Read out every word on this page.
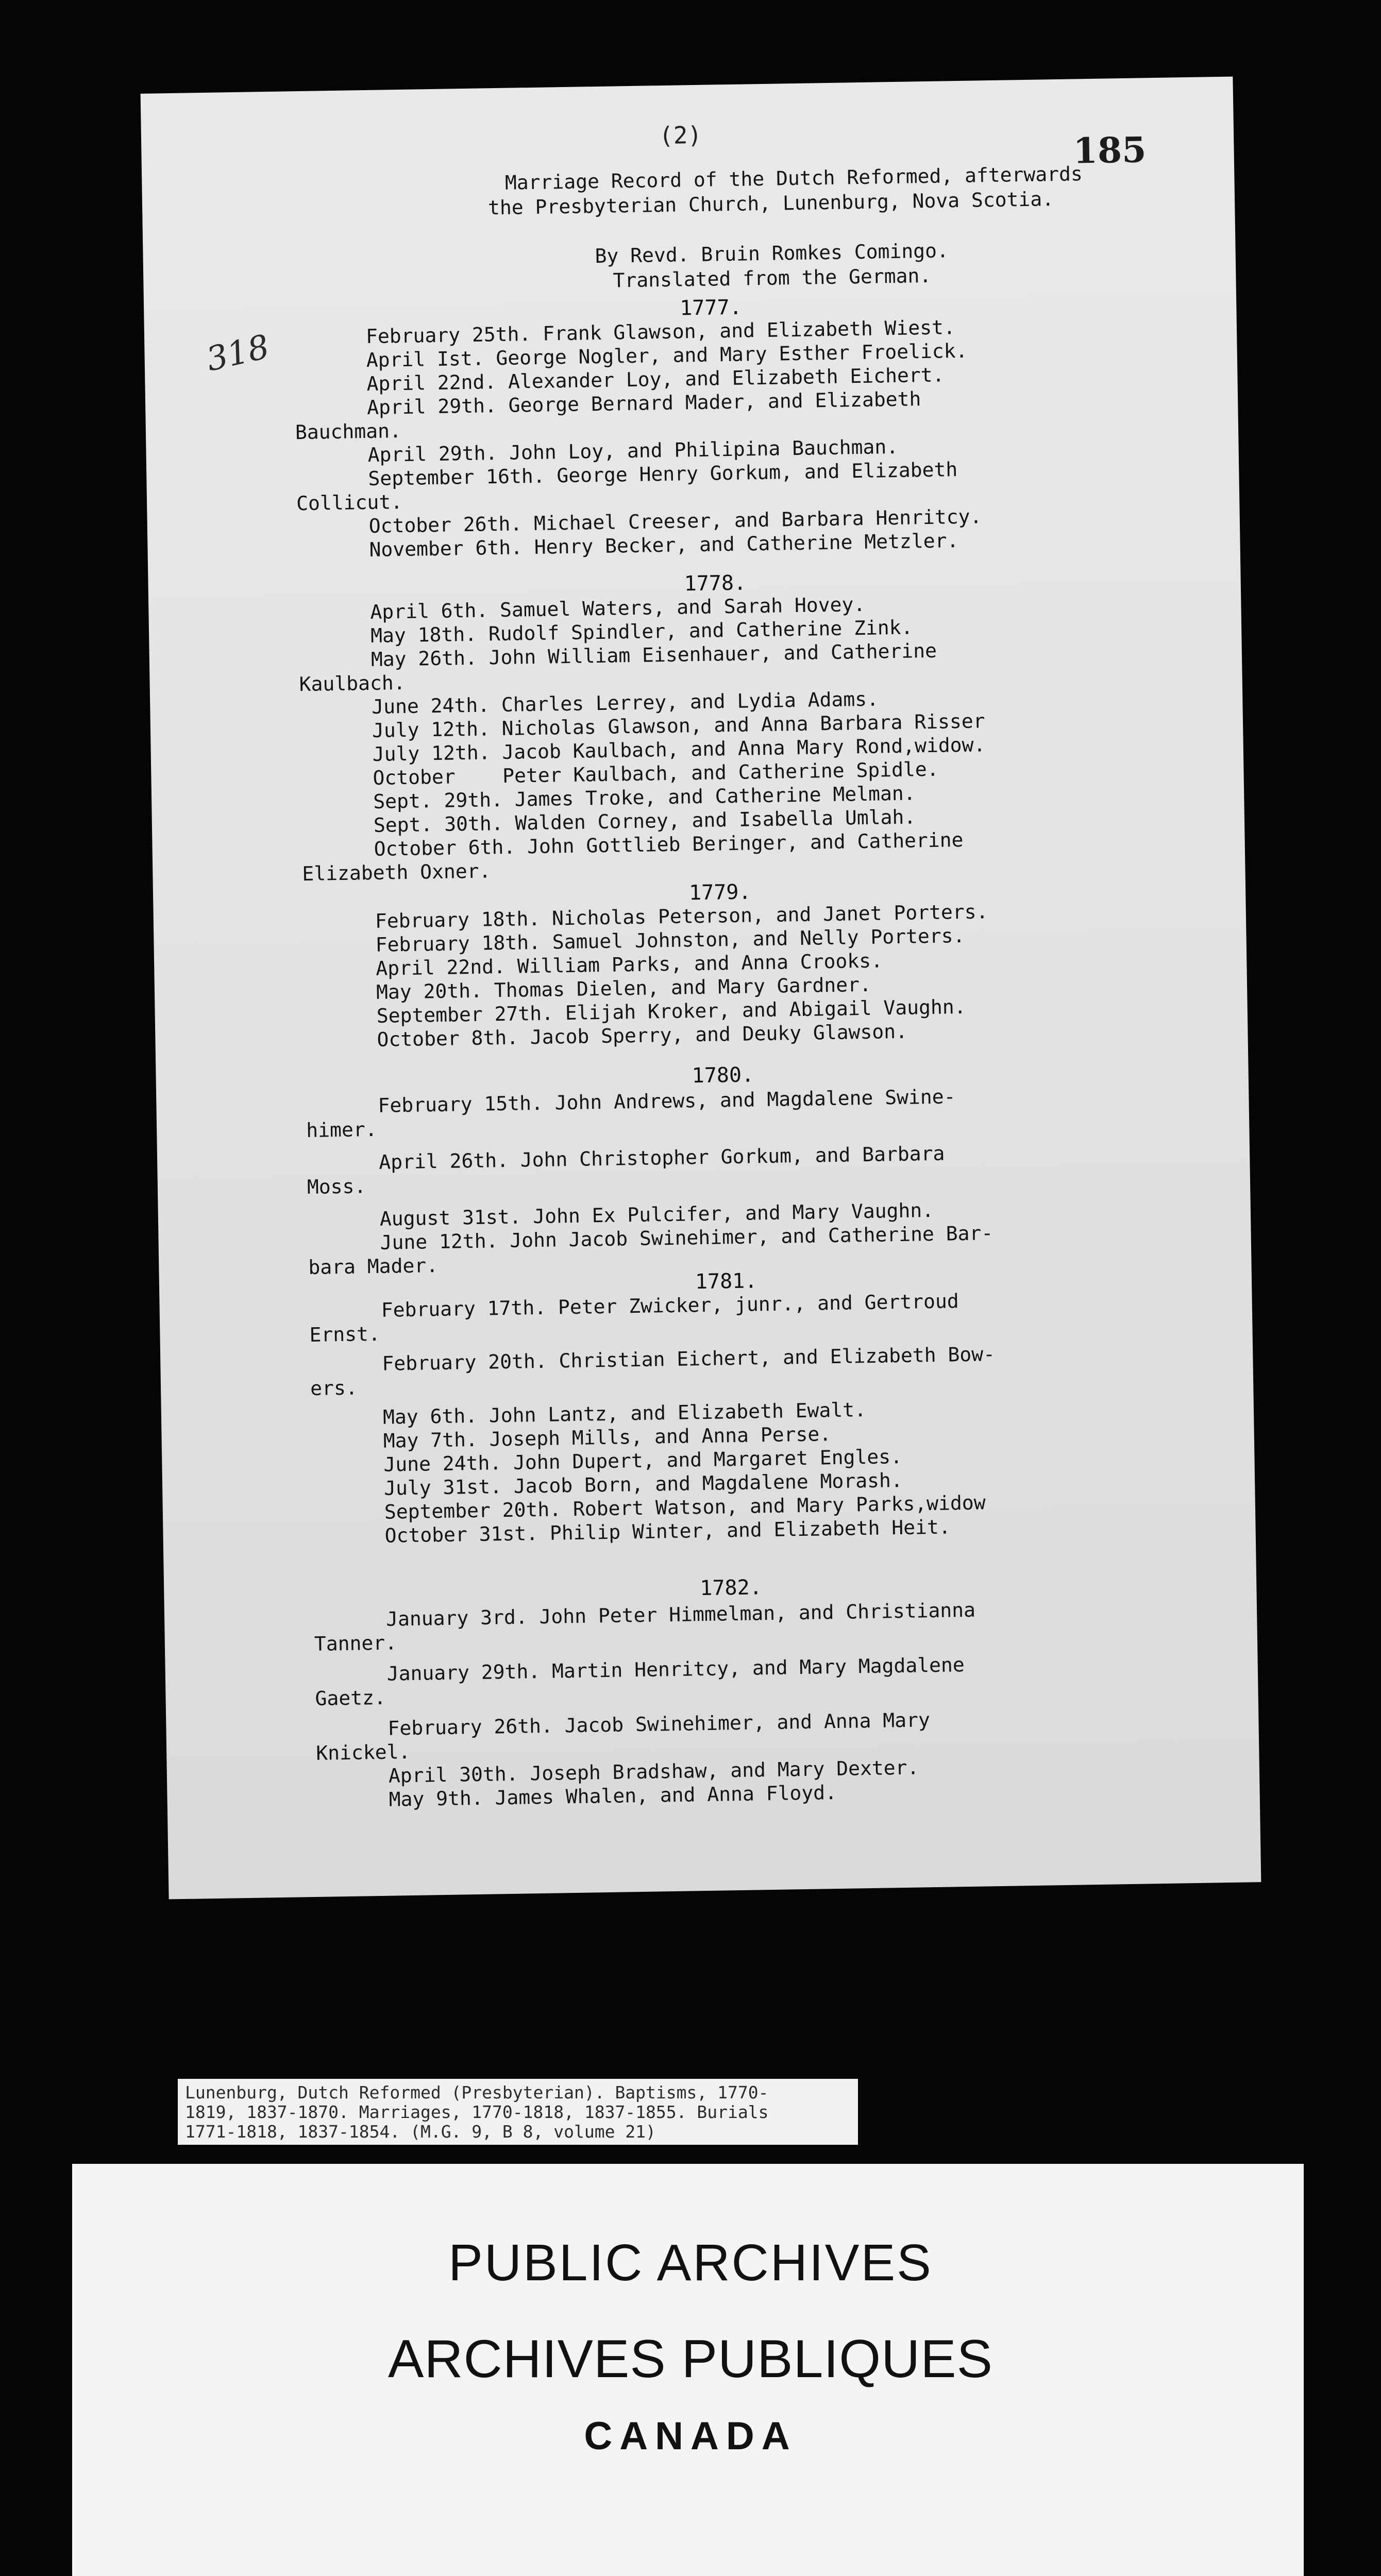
(2)	185
318
Marriage Record of the Dutch Reformed, afterwards
the Presbyterian Church, Lunenburg, Nova Scotia.
By Revd. Bruin Romkes Comingo.
Translated from the German.
1777.
February 25th. Frank Glawson, and Elizabeth Wiest.
April Ist. George Nogler, and Mary Esther Froelick.
April 22nd. Alexander Loy, and Elizabeth Eichert.
April 29th. George Bernard Mader, and Elizabeth
Bauchman.
April 29th. John Loy, and Philipina Bauchman.
September 16th. George Henry Gorkum, and Elizabeth
Collicut.
October 26th. Michael Creeser, and Barbara Henritcy.
November 6th. Henry Becker, and Catherine Metzler.
1778.
April 6th. Samuel Waters, and Sarah Hovey.
May 18th. Rudolf Spindler, and Catherine Zink.
May 26th. John William Eisenhauer, and Catherine
Kaulbach.
June 24th. Charles Lerrey, and Lydia Adams.
July 12th. Nicholas Glawson, and Anna Barbara Risser
July 12th. Jacob Kaulbach, and Anna Mary Rond,widow.
October    Peter Kaulbach, and Catherine Spidle.
Sept. 29th. James Troke, and Catherine Melman.
Sept. 30th. Walden Corney, and Isabella Umlah.
October 6th. John Gottlieb Beringer, and Catherine
Elizabeth Oxner.
1779.
February 18th. Nicholas Peterson, and Janet Porters.
February 18th. Samuel Johnston, and Nelly Porters.
April 22nd. William Parks, and Anna Crooks.
May 20th. Thomas Dielen, and Mary Gardner.
September 27th. Elijah Kroker, and Abigail Vaughn.
October 8th. Jacob Sperry, and Deuky Glawson.
1780.
February 15th. John Andrews, and Magdalene Swine-
himer.
April 26th. John Christopher Gorkum, and Barbara
Moss.
August 31st. John Ex Pulcifer, and Mary Vaughn.
June 12th. John Jacob Swinehimer, and Catherine Bar-
bara Mader.
1781.
February 17th. Peter Zwicker, junr., and Gertroud
Ernst.
February 20th. Christian Eichert, and Elizabeth Bow-
ers.
May 6th. John Lantz, and Elizabeth Ewalt.
May 7th. Joseph Mills, and Anna Perse.
June 24th. John Dupert, and Margaret Engles.
July 31st. Jacob Born, and Magdalene Morash.
September 20th. Robert Watson, and Mary Parks,widow
October 31st. Philip Winter, and Elizabeth Heit.
1782.
January 3rd. John Peter Himmelman, and Christianna
Tanner.
January 29th. Martin Henritcy, and Mary Magdalene
Gaetz.
February 26th. Jacob Swinehimer, and Anna Mary
Knickel.
April 30th. Joseph Bradshaw, and Mary Dexter.
May 9th. James Whalen, and Anna Floyd.
Lunenburg, Dutch Reformed (Presbyterian). Baptisms, 1770-
1819, 1837-1870. Marriages, 1770-1818, 1837-1855. Burials
1771-1818, 1837-1854. (M.G. 9, B 8, volume 21)
PUBLIC ARCHIVES
ARCHIVES PUBLIQUES
CANADA
